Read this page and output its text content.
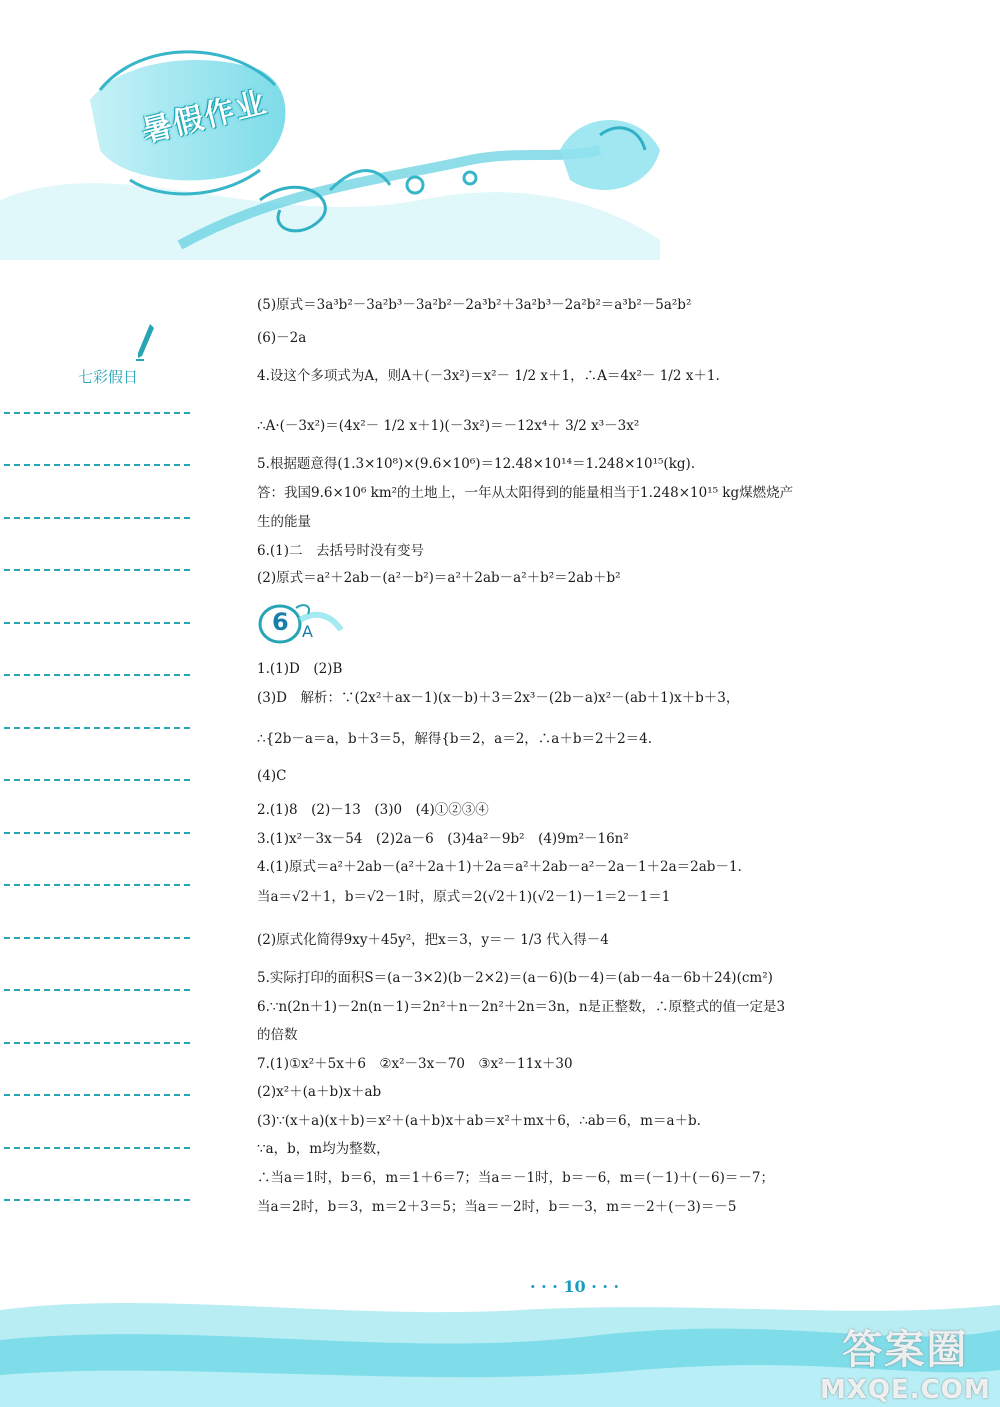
暑假作业
七彩假日
6 A
(5)原式＝3a³b²－3a²b³－3a²b²－2a³b²＋3a²b³－2a²b²＝a³b²－5a²b²
(6)－2a
4.设这个多项式为A，则A＋(－3x²)＝x²－ 1/2 x＋1，∴A＝4x²－ 1/2 x＋1.
∴A·(－3x²)＝(4x²－ 1/2 x＋1)(－3x²)＝－12x⁴＋ 3/2 x³－3x²
5.根据题意得(1.3×10⁸)×(9.6×10⁶)＝12.48×10¹⁴＝1.248×10¹⁵(kg).
答：我国9.6×10⁶ km²的土地上，一年从太阳得到的能量相当于1.248×10¹⁵ kg煤燃烧产
生的能量
6.(1)二　去括号时没有变号
(2)原式＝a²＋2ab－(a²－b²)＝a²＋2ab－a²＋b²＝2ab＋b²
1.(1)D　(2)B
(3)D　解析：∵(2x²＋ax－1)(x－b)＋3＝2x³－(2b－a)x²－(ab＋1)x＋b＋3，
∴{2b－a＝a，b＋3＝5，解得{b＝2，a＝2，∴a＋b＝2＋2＝4.
(4)C
2.(1)8　(2)－13　(3)0　(4)①②③④
3.(1)x²－3x－54　(2)2a－6　(3)4a²－9b²　(4)9m²－16n²
4.(1)原式＝a²＋2ab－(a²＋2a＋1)＋2a＝a²＋2ab－a²－2a－1＋2a＝2ab－1.
当a＝√2＋1，b＝√2－1时，原式＝2(√2＋1)(√2－1)－1＝2－1＝1
(2)原式化简得9xy＋45y²，把x＝3，y＝－ 1/3 代入得－4
5.实际打印的面积S＝(a－3×2)(b－2×2)＝(a－6)(b－4)＝(ab－4a－6b＋24)(cm²)
6.∵n(2n＋1)－2n(n－1)＝2n²＋n－2n²＋2n＝3n，n是正整数，∴原整式的值一定是3
的倍数
7.(1)①x²＋5x＋6　②x²－3x－70　③x²－11x＋30
(2)x²＋(a＋b)x＋ab
(3)∵(x＋a)(x＋b)＝x²＋(a＋b)x＋ab＝x²＋mx＋6，∴ab＝6，m＝a＋b.
∵a，b，m均为整数，
∴当a＝1时，b＝6，m＝1＋6＝7；当a＝－1时，b＝－6，m＝(－1)＋(－6)＝－7；
当a＝2时，b＝3，m＝2＋3＝5；当a＝－2时，b＝－3，m＝－2＋(－3)＝－5
· · · 10 · · ·
答案圈
MXQE.COM
